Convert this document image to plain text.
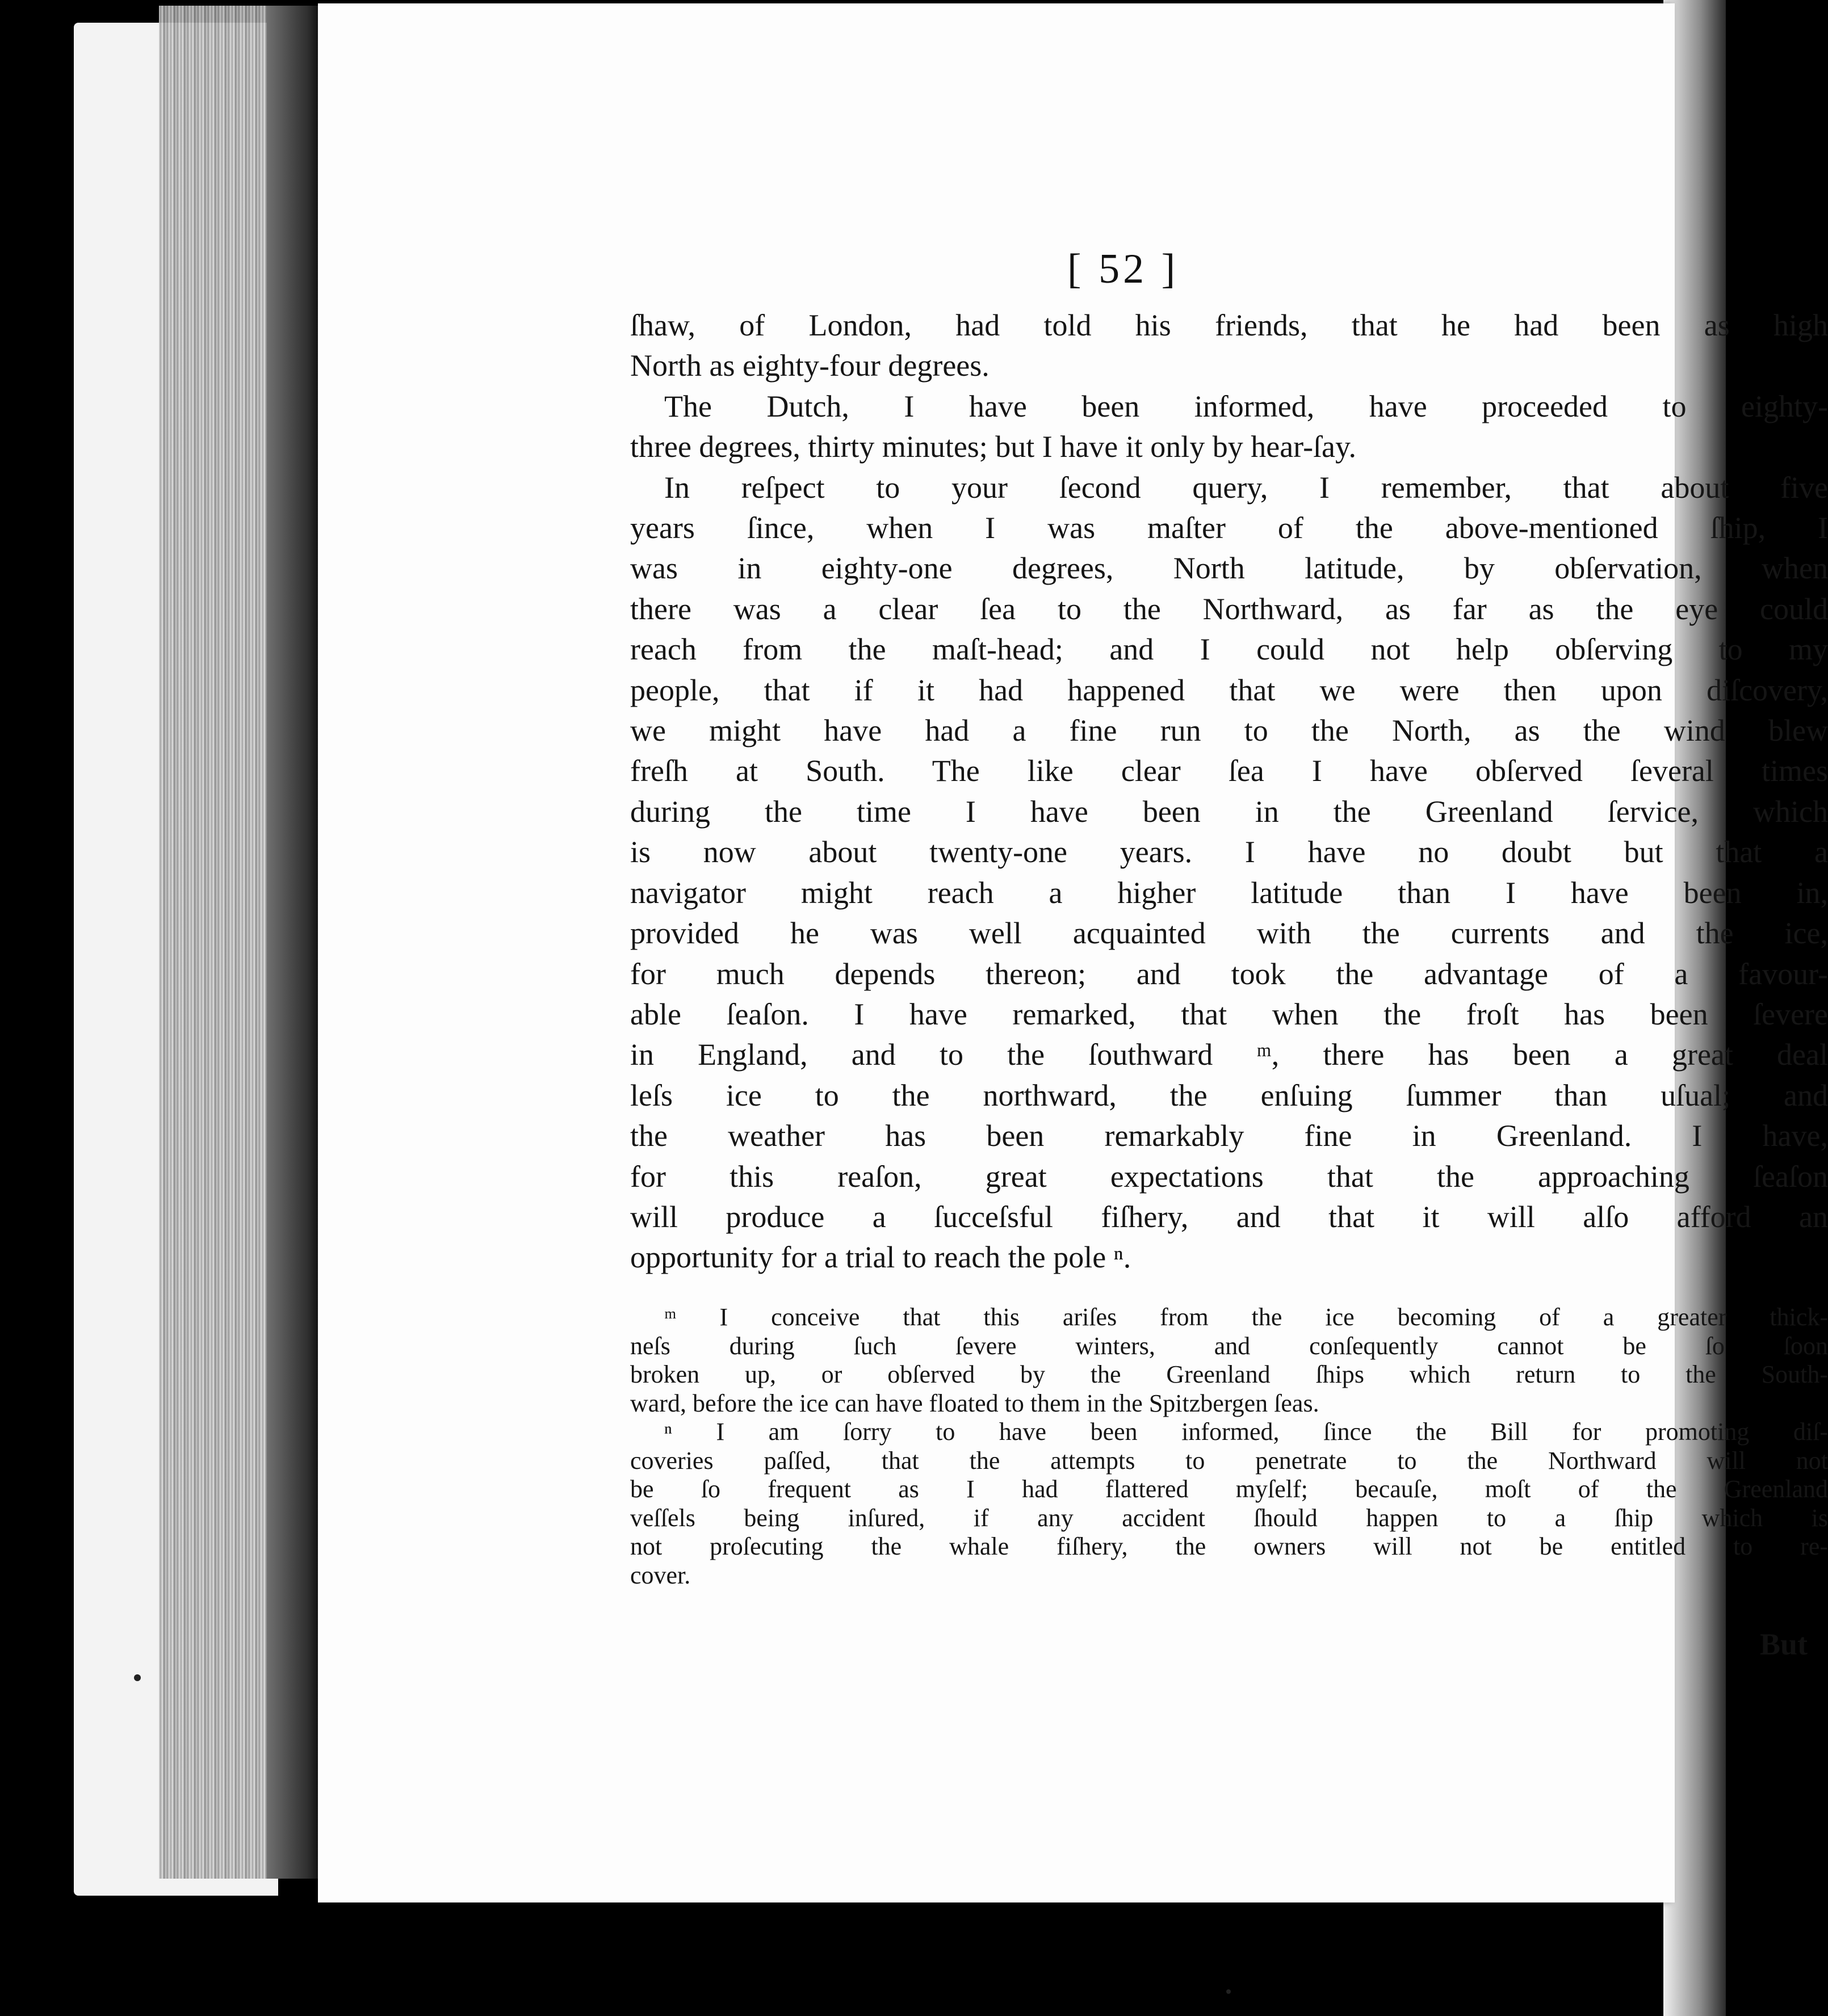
[ 52 ]
ſhaw, of London, had told his friends, that he had been as high
North as eighty-four degrees.
The Dutch, I have been informed, have proceeded to eighty-
three degrees, thirty minutes; but I have it only by hear-ſay.
In reſpect to your ſecond query, I remember, that about five
years ſince, when I was maſter of the above-mentioned ſhip, I
was in eighty-one degrees, North latitude, by obſervation, when
there was a clear ſea to the Northward, as far as the eye could
reach from the maſt-head; and I could not help obſerving to my
people, that if it had happened that we were then upon diſcovery,
we might have had a fine run to the North, as the wind blew
freſh at South. The like clear ſea I have obſerved ſeveral times
during the time I have been in the Greenland ſervice, which
is now about twenty-one years. I have no doubt but that a
navigator might reach a higher latitude than I have been in,
provided he was well acquainted with the currents and the ice,
for much depends thereon; and took the advantage of a favour-
able ſeaſon. I have remarked, that when the froſt has been ſevere
in England, and to the ſouthward ᵐ, there has been a great deal
leſs ice to the northward, the enſuing ſummer than uſual; and
the weather has been remarkably fine in Greenland. I have,
for this reaſon, great expectations that the approaching ſeaſon
will produce a ſucceſsful fiſhery, and that it will alſo afford an
opportunity for a trial to reach the pole ⁿ.
ᵐ I conceive that this ariſes from the ice becoming of a greater thick-
neſs during ſuch ſevere winters, and conſequently cannot be ſo ſoon
broken up, or obſerved by the Greenland ſhips which return to the South-
ward, before the ice can have floated to them in the Spitzbergen ſeas.
ⁿ I am ſorry to have been informed, ſince the Bill for promoting diſ-
coveries paſſed, that the attempts to penetrate to the Northward will not
be ſo frequent as I had flattered myſelf; becauſe, moſt of the Greenland
veſſels being inſured, if any accident ſhould happen to a ſhip which is
not proſecuting the whale fiſhery, the owners will not be entitled to re-
cover.
But
